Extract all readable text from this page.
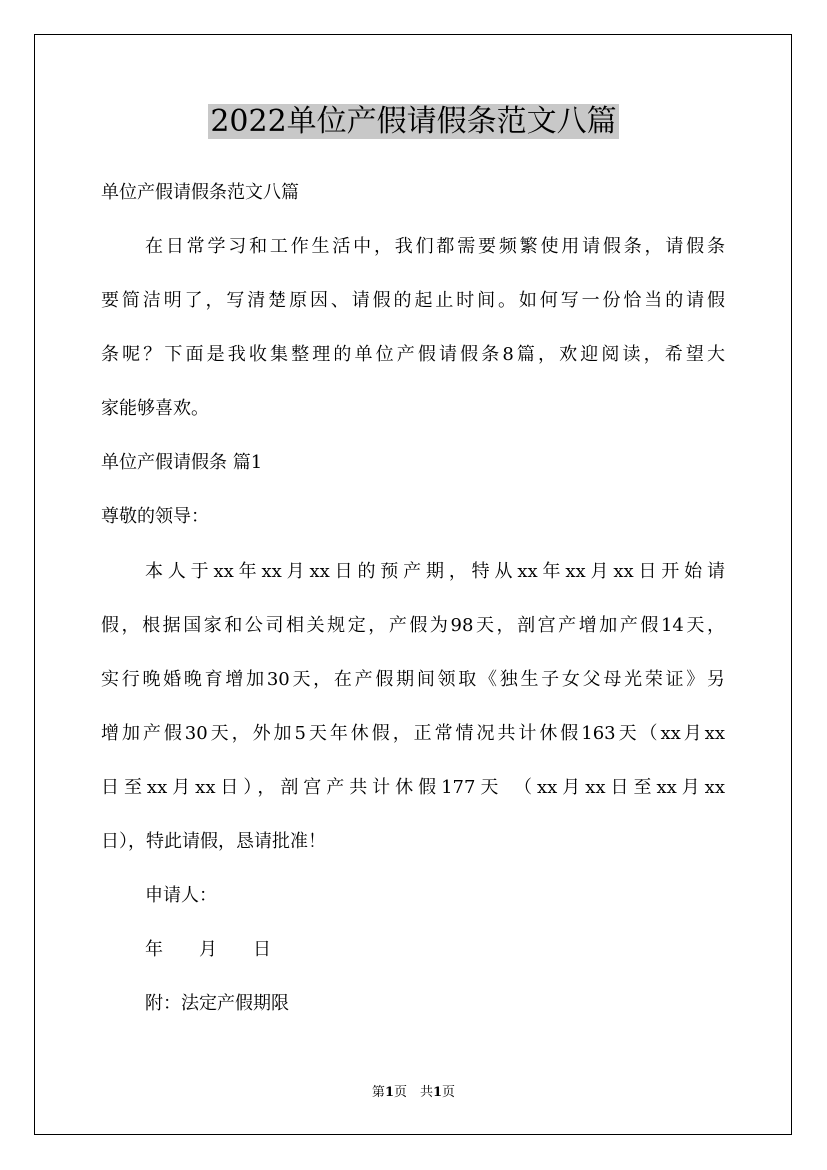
2022单位产假请假条范文八篇

单位产假请假条范文八篇

在日常学习和工作生活中，我们都需要频繁使用请假条，请假条

要简洁明了，写清楚原因、请假的起止时间。如何写一份恰当的请假

条呢？下面是我收集整理的单位产假请假条8篇，欢迎阅读，希望大

家能够喜欢。

单位产假请假条 篇1

尊敬的领导：

本人于xx年xx月xx日的预产期，特从xx年xx月xx日开始请

假，根据国家和公司相关规定，产假为98天，剖宫产增加产假14天，

实行晚婚晚育增加30天，在产假期间领取《独生子女父母光荣证》另

增加产假30天，外加5天年休假，正常情况共计休假163天（xx月xx

日至xx月xx日），剖宫产共计休假177天 （xx月xx日至xx月xx

日），特此请假，恳请批准！

申请人：

年　　月　　日

附：法定产假期限

第1页　共1页
